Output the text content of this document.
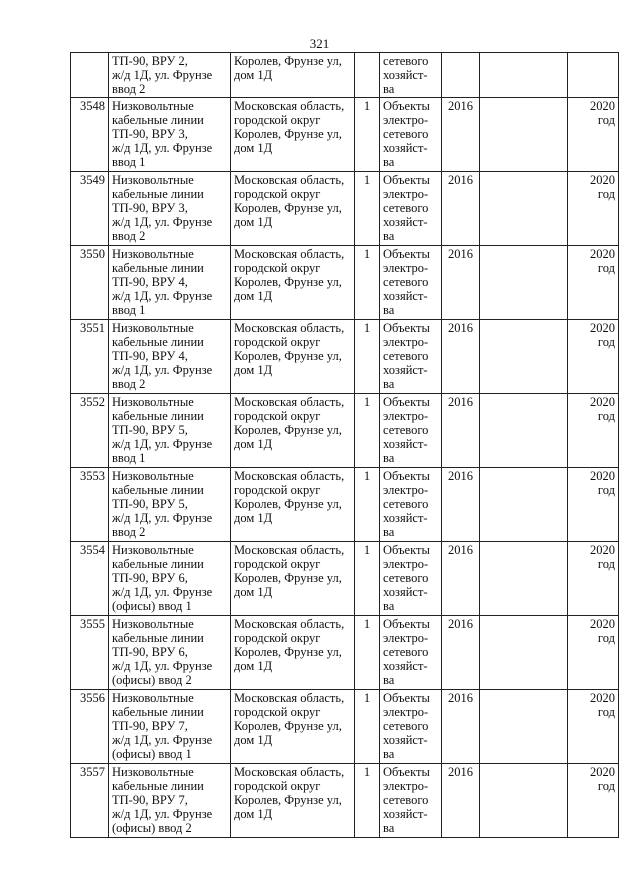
321

	ТП-90, ВРУ 2,
ж/д 1Д, ул. Фрунзе
ввод 2	Королев, Фрунзе ул,
дом 1Д		сетевого
хозяйст-
ва			

3548	Низковольтные
кабельные линии
ТП-90, ВРУ 3,
ж/д 1Д, ул. Фрунзе
ввод 1	Московская область,
городской округ
Королев, Фрунзе ул,
дом 1Д	1	Объекты
электро-
сетевого
хозяйст-
ва	2016		2020
год

3549	Низковольтные
кабельные линии
ТП-90, ВРУ 3,
ж/д 1Д, ул. Фрунзе
ввод 2	Московская область,
городской округ
Королев, Фрунзе ул,
дом 1Д	1	Объекты
электро-
сетевого
хозяйст-
ва	2016		2020
год

3550	Низковольтные
кабельные линии
ТП-90, ВРУ 4,
ж/д 1Д, ул. Фрунзе
ввод 1	Московская область,
городской округ
Королев, Фрунзе ул,
дом 1Д	1	Объекты
электро-
сетевого
хозяйст-
ва	2016		2020
год

3551	Низковольтные
кабельные линии
ТП-90, ВРУ 4,
ж/д 1Д, ул. Фрунзе
ввод 2	Московская область,
городской округ
Королев, Фрунзе ул,
дом 1Д	1	Объекты
электро-
сетевого
хозяйст-
ва	2016		2020
год

3552	Низковольтные
кабельные линии
ТП-90, ВРУ 5,
ж/д 1Д, ул. Фрунзе
ввод 1	Московская область,
городской округ
Королев, Фрунзе ул,
дом 1Д	1	Объекты
электро-
сетевого
хозяйст-
ва	2016		2020
год

3553	Низковольтные
кабельные линии
ТП-90, ВРУ 5,
ж/д 1Д, ул. Фрунзе
ввод 2	Московская область,
городской округ
Королев, Фрунзе ул,
дом 1Д	1	Объекты
электро-
сетевого
хозяйст-
ва	2016		2020
год

3554	Низковольтные
кабельные линии
ТП-90, ВРУ 6,
ж/д 1Д, ул. Фрунзе
(офисы) ввод 1	Московская область,
городской округ
Королев, Фрунзе ул,
дом 1Д	1	Объекты
электро-
сетевого
хозяйст-
ва	2016		2020
год

3555	Низковольтные
кабельные линии
ТП-90, ВРУ 6,
ж/д 1Д, ул. Фрунзе
(офисы) ввод 2	Московская область,
городской округ
Королев, Фрунзе ул,
дом 1Д	1	Объекты
электро-
сетевого
хозяйст-
ва	2016		2020
год

3556	Низковольтные
кабельные линии
ТП-90, ВРУ 7,
ж/д 1Д, ул. Фрунзе
(офисы) ввод 1	Московская область,
городской округ
Королев, Фрунзе ул,
дом 1Д	1	Объекты
электро-
сетевого
хозяйст-
ва	2016		2020
год

3557	Низковольтные
кабельные линии
ТП-90, ВРУ 7,
ж/д 1Д, ул. Фрунзе
(офисы) ввод 2	Московская область,
городской округ
Королев, Фрунзе ул,
дом 1Д	1	Объекты
электро-
сетевого
хозяйст-
ва	2016		2020
год
